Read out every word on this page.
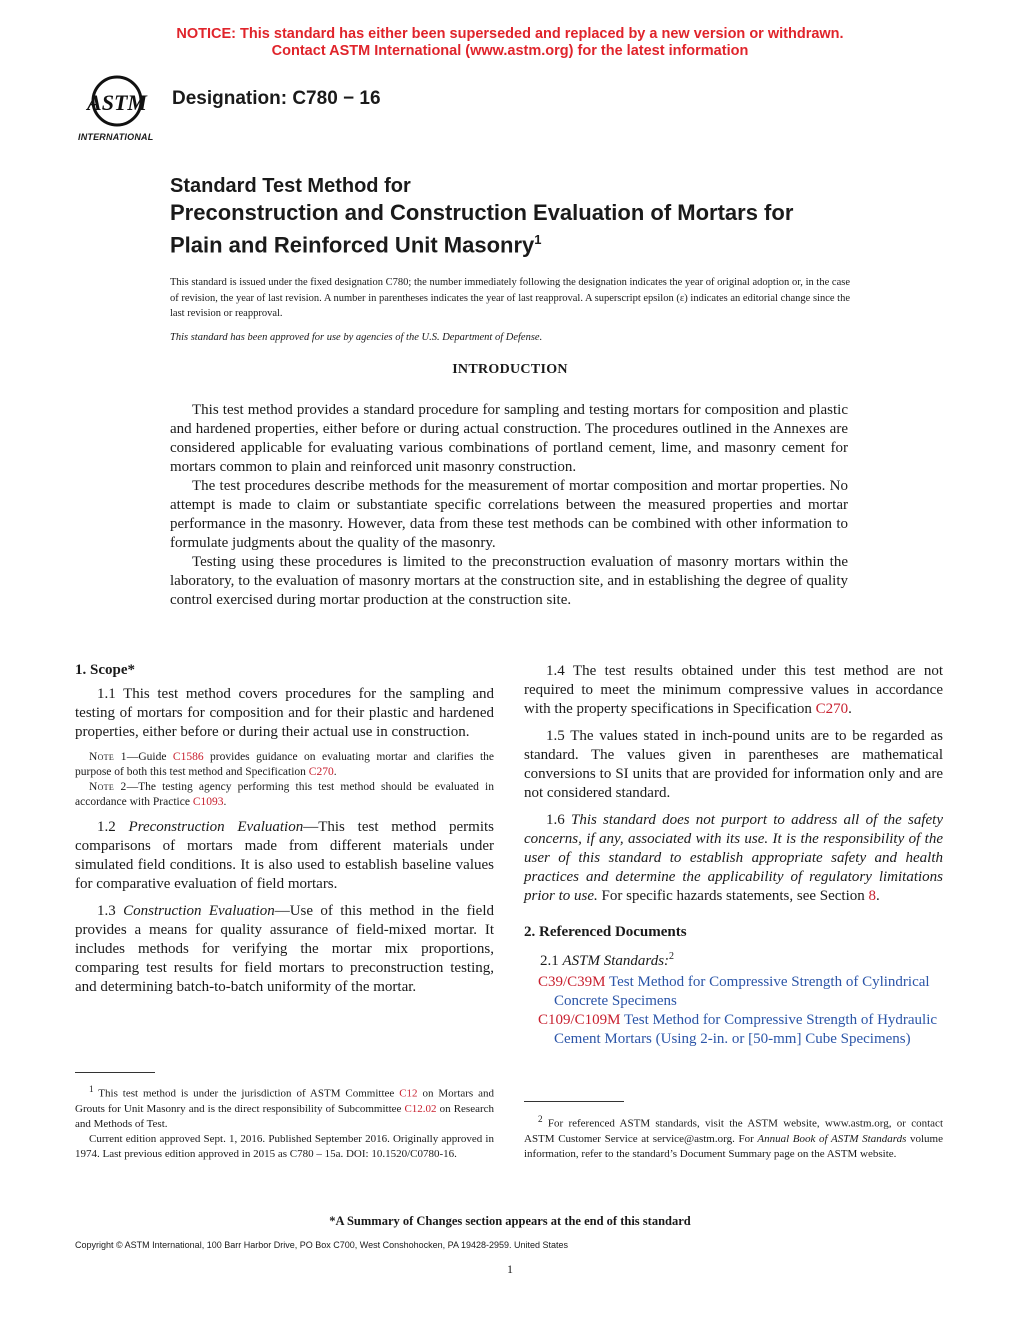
NOTICE: This standard has either been superseded and replaced by a new version or withdrawn.
Contact ASTM International (www.astm.org) for the latest information
ASTM
INTERNATIONAL
Designation: C780 − 16
Standard Test Method for
Preconstruction and Construction Evaluation of Mortars for
Plain and Reinforced Unit Masonry$^1$
This standard is issued under the fixed designation C780; the number immediately following the designation indicates the year of original adoption or, in the case of revision, the year of last revision. A number in parentheses indicates the year of last reapproval. A superscript epsilon (ε) indicates an editorial change since the last revision or reapproval.
This standard has been approved for use by agencies of the U.S. Department of Defense.
INTRODUCTION

This test method provides a standard procedure for sampling and testing mortars for composition and plastic and hardened properties, either before or during actual construction. The procedures outlined in the Annexes are considered applicable for evaluating various combinations of portland cement, lime, and masonry cement for mortars common to plain and reinforced unit masonry construction.

The test procedures describe methods for the measurement of mortar composition and mortar properties. No attempt is made to claim or substantiate specific correlations between the measured properties and mortar performance in the masonry. However, data from these test methods can be combined with other information to formulate judgments about the quality of the masonry.

Testing using these procedures is limited to the preconstruction evaluation of masonry mortars within the laboratory, to the evaluation of masonry mortars at the construction site, and in establishing the degree of quality control exercised during mortar production at the construction site.

1. Scope*

1.1 This test method covers procedures for the sampling and testing of mortars for composition and for their plastic and hardened properties, either before or during their actual use in construction.

Note 1—Guide C1586 provides guidance on evaluating mortar and clarifies the purpose of both this test method and Specification C270.

Note 2—The testing agency performing this test method should be evaluated in accordance with Practice C1093.

1.2 Preconstruction Evaluation—This test method permits comparisons of mortars made from different materials under simulated field conditions. It is also used to establish baseline values for comparative evaluation of field mortars.

1.3 Construction Evaluation—Use of this method in the field provides a means for quality assurance of field-mixed mortar. It includes methods for verifying the mortar mix proportions, comparing test results for field mortars to preconstruction testing, and determining batch-to-batch uniformity of the mortar.

$^1$ This test method is under the jurisdiction of ASTM Committee C12 on Mortars and Grouts for Unit Masonry and is the direct responsibility of Subcommittee C12.02 on Research and Methods of Test.

Current edition approved Sept. 1, 2016. Published September 2016. Originally approved in 1974. Last previous edition approved in 2015 as C780 – 15a. DOI: 10.1520/C0780-16.

1.4 The test results obtained under this test method are not required to meet the minimum compressive values in accordance with the property specifications in Specification C270.

1.5 The values stated in inch-pound units are to be regarded as standard. The values given in parentheses are mathematical conversions to SI units that are provided for information only and are not considered standard.

1.6 This standard does not purport to address all of the safety concerns, if any, associated with its use. It is the responsibility of the user of this standard to establish appropriate safety and health practices and determine the applicability of regulatory limitations prior to use. For specific hazards statements, see Section 8.

2. Referenced Documents

2.1 ASTM Standards:$^2$

C39/C39M Test Method for Compressive Strength of Cylindrical Concrete Specimens

C109/C109M Test Method for Compressive Strength of Hydraulic Cement Mortars (Using 2-in. or [50-mm] Cube Specimens)

$^2$ For referenced ASTM standards, visit the ASTM website, www.astm.org, or contact ASTM Customer Service at service@astm.org. For Annual Book of ASTM Standards volume information, refer to the standard’s Document Summary page on the ASTM website.

*A Summary of Changes section appears at the end of this standard
Copyright © ASTM International, 100 Barr Harbor Drive, PO Box C700, West Conshohocken, PA 19428-2959. United States
1
